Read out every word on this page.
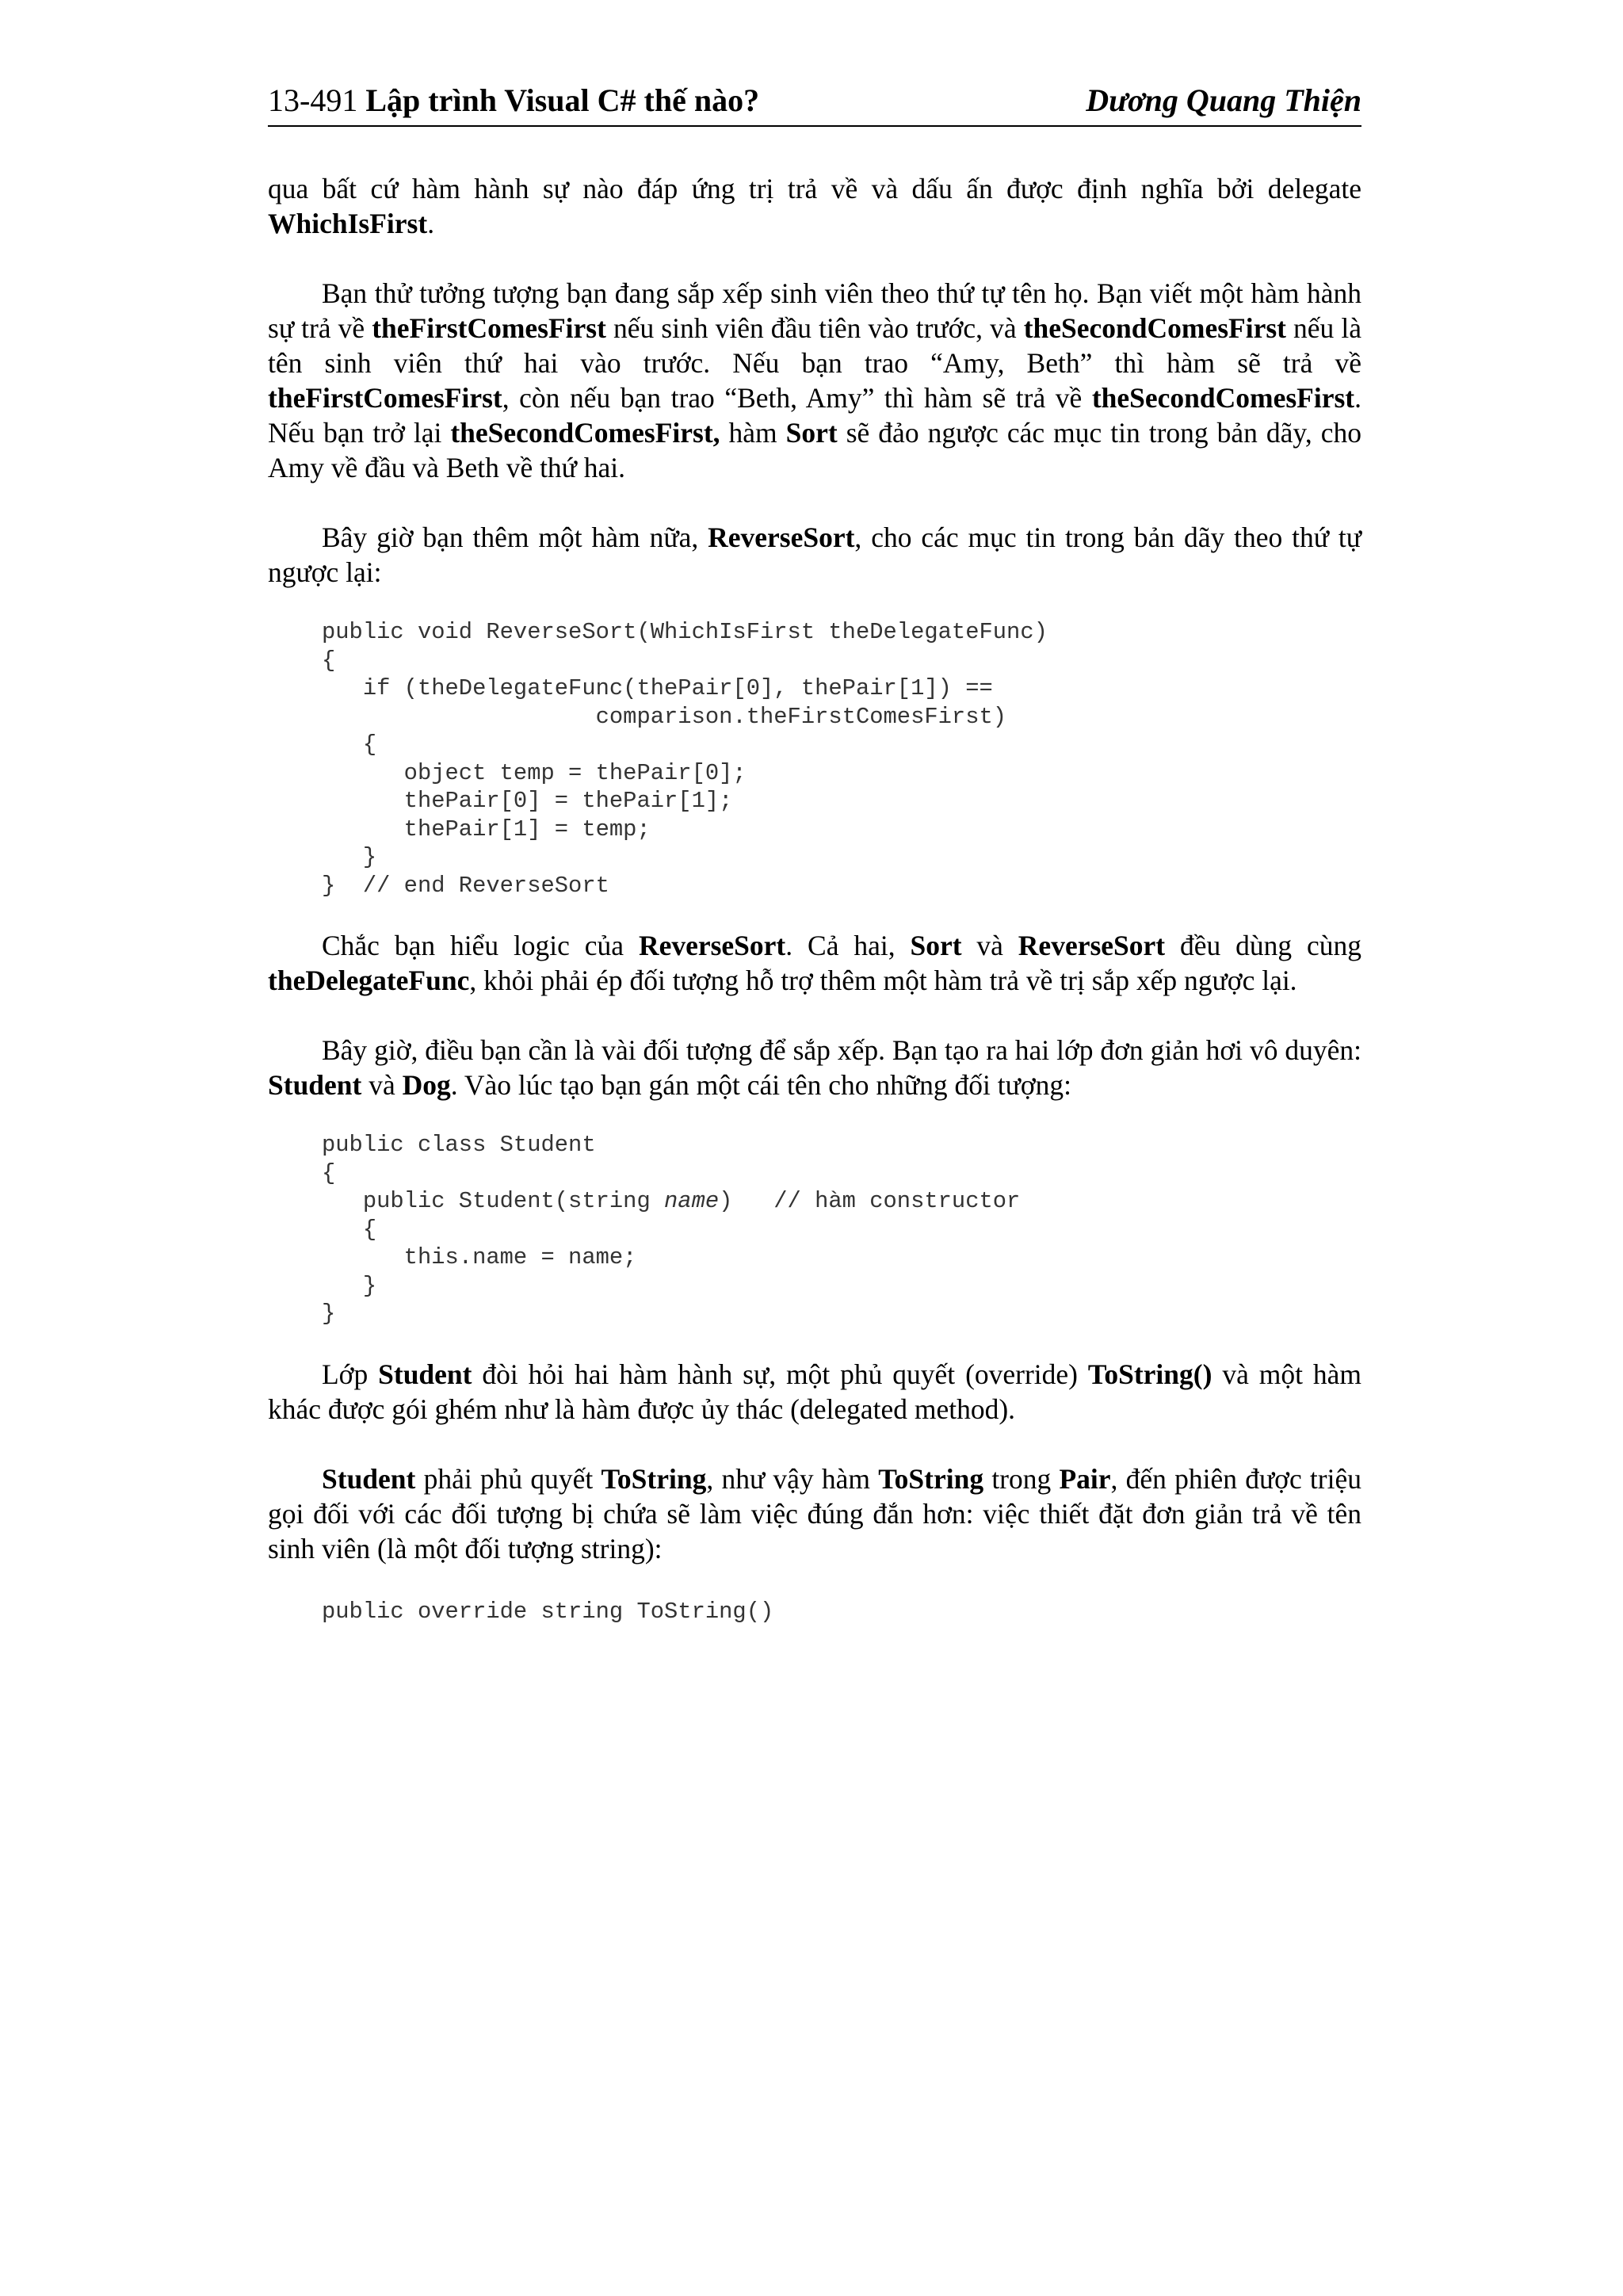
13-491 Lập trình Visual C# thế nào?	Dương Quang Thiện

qua bất cứ hàm hành sự nào đáp ứng trị trả về và dấu ấn được định nghĩa bởi delegate WhichIsFirst.

Bạn thử tưởng tượng bạn đang sắp xếp sinh viên theo thứ tự tên họ. Bạn viết một hàm hành sự trả về theFirstComesFirst nếu sinh viên đầu tiên vào trước, và theSecondComesFirst nếu là tên sinh viên thứ hai vào trước. Nếu bạn trao “Amy, Beth” thì hàm sẽ trả về theFirstComesFirst, còn nếu bạn trao “Beth, Amy” thì hàm sẽ trả về theSecondComesFirst. Nếu bạn trở lại theSecondComesFirst, hàm Sort sẽ đảo ngược các mục tin trong bản dãy, cho Amy về đầu và Beth về thứ hai.

Bây giờ bạn thêm một hàm nữa, ReverseSort, cho các mục tin trong bản dãy theo thứ tự ngược lại:

public void ReverseSort(WhichIsFirst theDelegateFunc)
{
if (theDelegateFunc(thePair[0], thePair[1]) ==
comparison.theFirstComesFirst)
{
object temp = thePair[0];
thePair[0] = thePair[1];
thePair[1] = temp;
}
}  // end ReverseSort

Chắc bạn hiểu logic của ReverseSort. Cả hai, Sort và ReverseSort đều dùng cùng theDelegateFunc, khỏi phải ép đối tượng hỗ trợ thêm một hàm trả về trị sắp xếp ngược lại.

Bây giờ, điều bạn cần là vài đối tượng để sắp xếp. Bạn tạo ra hai lớp đơn giản hơi vô duyên: Student và Dog. Vào lúc tạo bạn gán một cái tên cho những đối tượng:

public class Student
{
public Student(string name)   // hàm constructor
{
this.name = name;
}
}

Lớp Student đòi hỏi hai hàm hành sự, một phủ quyết (override) ToString() và một hàm khác được gói ghém như là hàm được ủy thác (delegated method).

Student phải phủ quyết ToString, như vậy hàm ToString trong Pair, đến phiên được triệu gọi đối với các đối tượng bị chứa sẽ làm việc đúng đắn hơn: việc thiết đặt đơn giản trả về tên sinh viên (là một đối tượng string):

public override string ToString()
